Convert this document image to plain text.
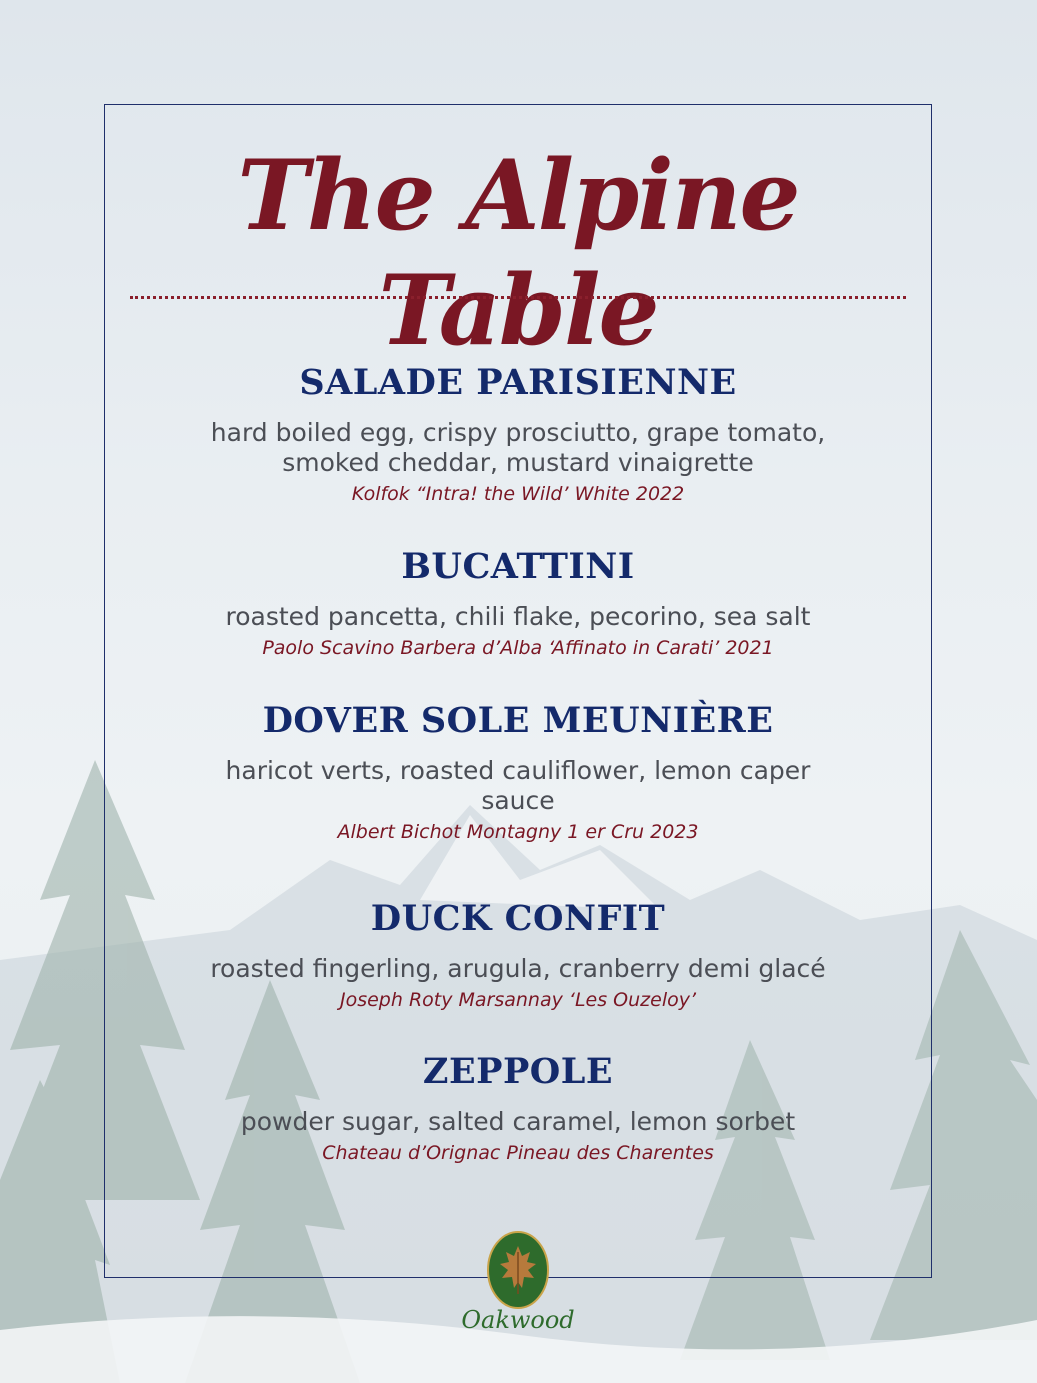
The Alpine Table
SALADE PARISIENNE

hard boiled egg, crispy prosciutto, grape tomato, smoked cheddar, mustard vinaigrette

Kolfok “Intra! the Wild’ White 2022

BUCATTINI

roasted pancetta, chili flake, pecorino, sea salt

Paolo Scavino Barbera d’Alba ‘Affinato in Carati’ 2021

DOVER SOLE MEUNIÈRE

haricot verts, roasted cauliflower, lemon caper sauce

Albert Bichot Montagny 1 er Cru 2023

DUCK CONFIT

roasted fingerling, arugula, cranberry demi glacé

Joseph Roty Marsannay ‘Les Ouzeloy’

ZEPPOLE

powder sugar, salted caramel, lemon sorbet

Chateau d’Orignac Pineau des Charentes

Oakwood
